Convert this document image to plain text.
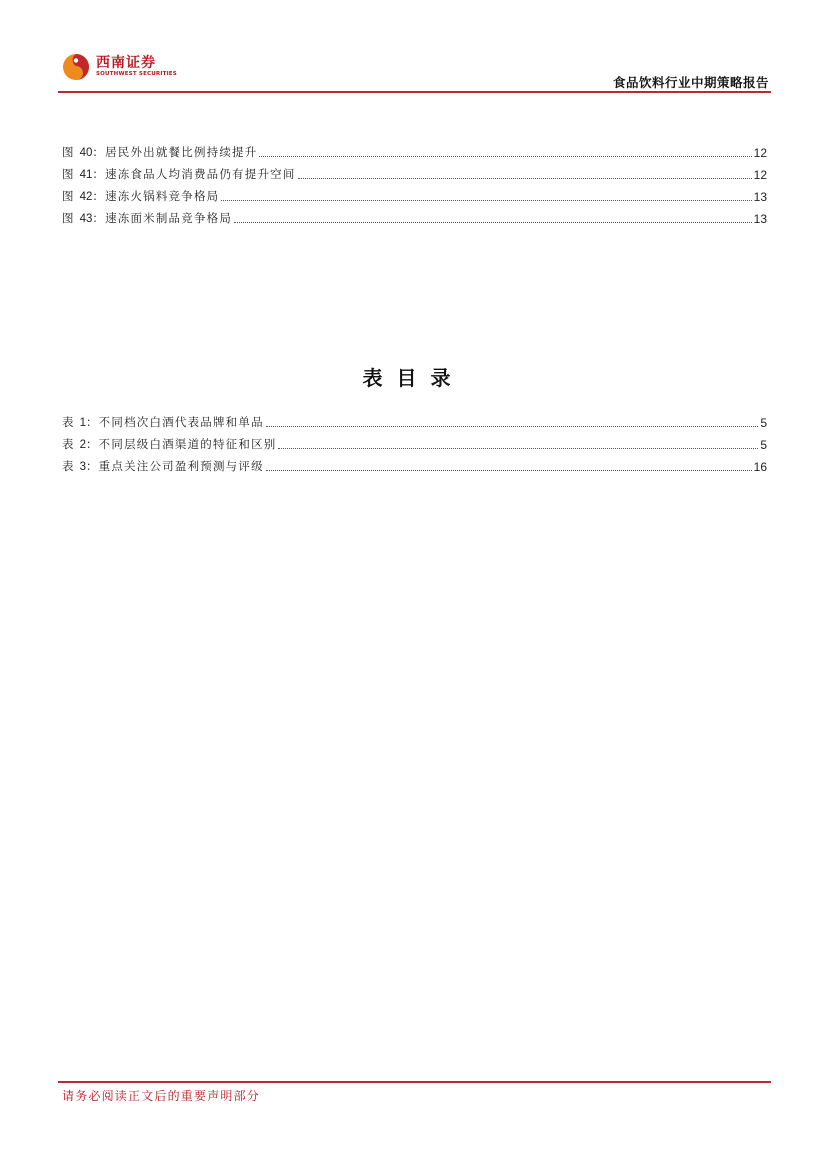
西南证券
SOUTHWEST SECURITIES
食品饮料行业中期策略报告
图 40：居民外出就餐比例持续提升	12
图 41：速冻食品人均消费品仍有提升空间	12
图 42：速冻火锅料竞争格局	13
图 43：速冻面米制品竞争格局	13
表目录
表 1：不同档次白酒代表品牌和单品	5
表 2：不同层级白酒渠道的特征和区别	5
表 3：重点关注公司盈利预测与评级	16
请务必阅读正文后的重要声明部分
